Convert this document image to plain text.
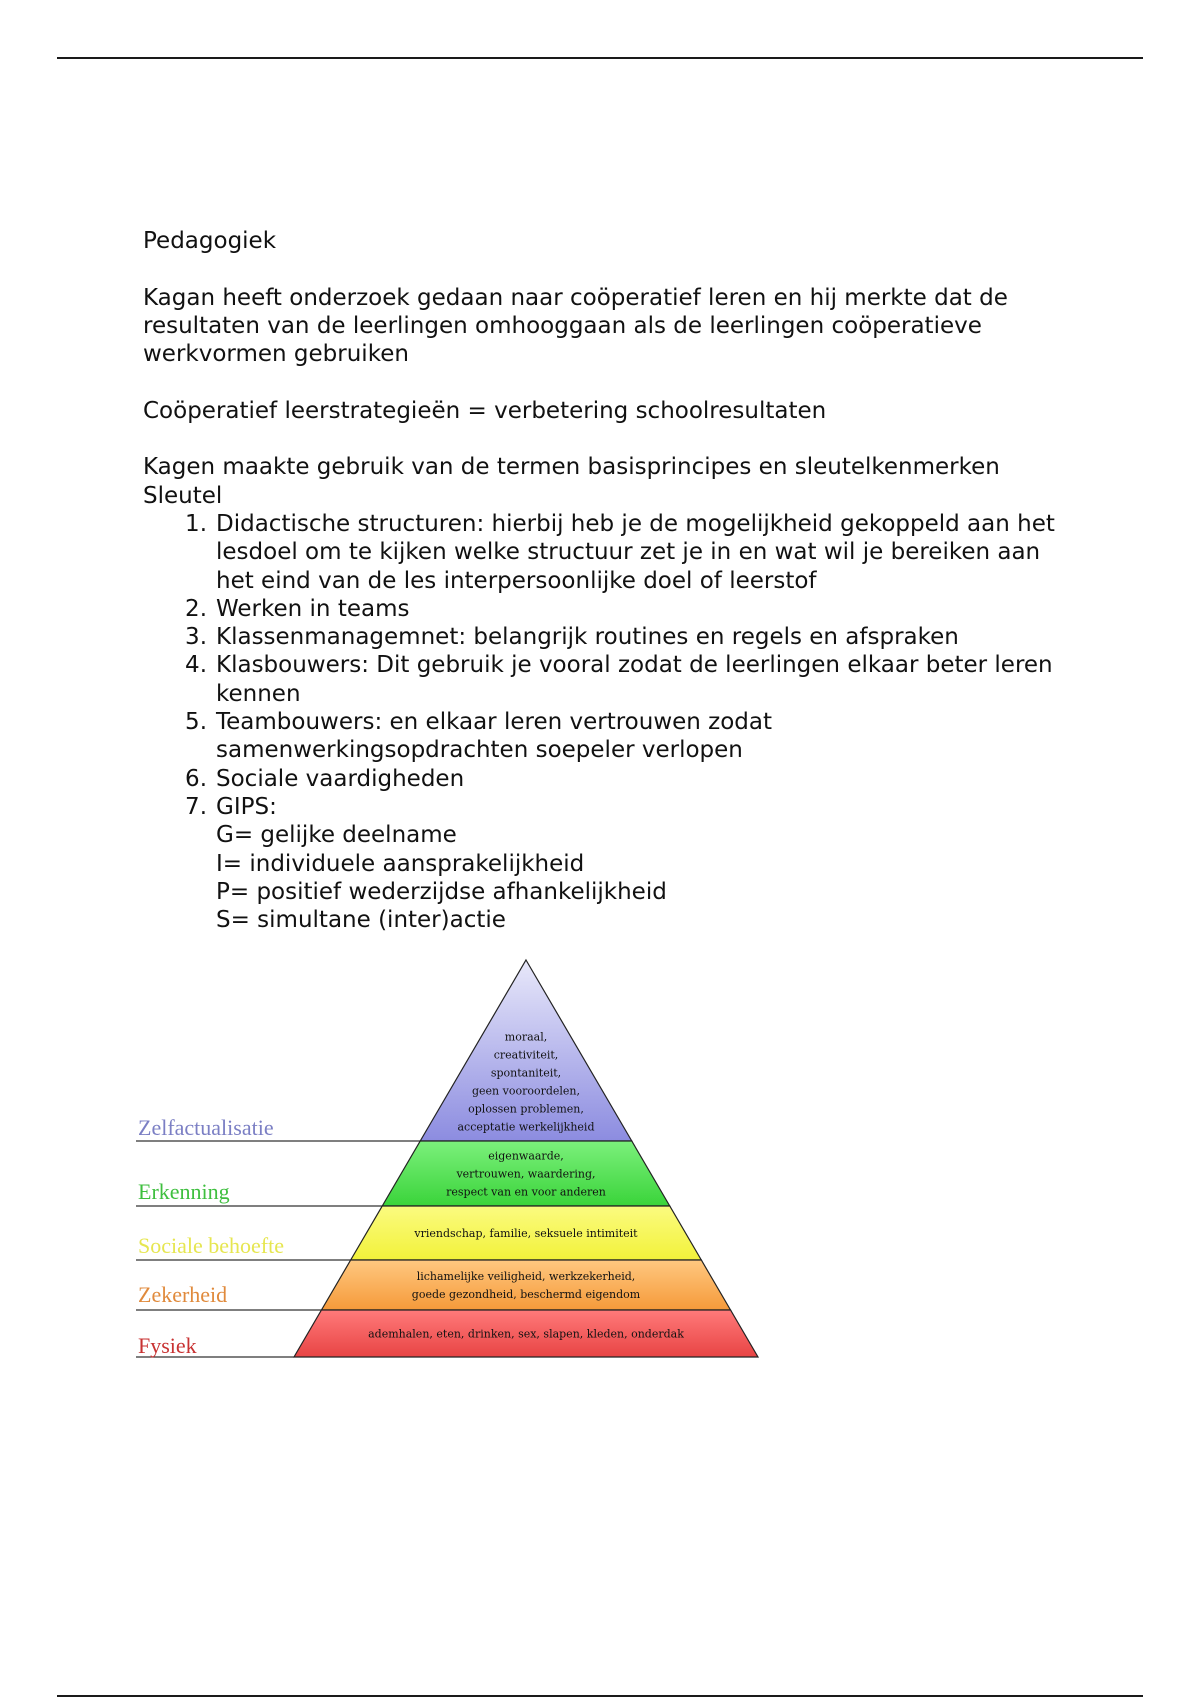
Pedagogiek

Kagan heeft onderzoek gedaan naar coöperatief leren en hij merkte dat de
resultaten van de leerlingen omhooggaan als de leerlingen coöperatieve
werkvormen gebruiken

Coöperatief leerstrategieën = verbetering schoolresultaten

Kagen maakte gebruik van de termen basisprincipes en sleutelkenmerken

Sleutel

Didactische structuren: hierbij heb je de mogelijkheid gekoppeld aan het lesdoel om te kijken welke structuur zet je in en wat wil je bereiken aan het eind van de les interpersoonlijke doel of leerstof
Werken in teams
Klassenmanagemnet: belangrijk routines en regels en afspraken
Klasbouwers: Dit gebruik je vooral zodat de leerlingen elkaar beter leren kennen
Teambouwers: en elkaar leren vertrouwen zodat samenwerkingsopdrachten soepeler verlopen
Sociale vaardigheden
GIPS:
G= gelijke deelname
I= individuele aansprakelijkheid
P= positief wederzijdse afhankelijkheid
S= simultane (inter)actie
Zelfactualisatie
moraal,
creativiteit,
spontaniteit,
geen vooroordelen,
oplossen problemen,
acceptatie werkelijkheid
Erkenning
eigenwaarde,
vertrouwen, waardering,
respect van en voor anderen
Sociale behoefte	vriendschap, familie, seksuele intimiteit
Zekerheid
lichamelijke veiligheid, werkzekerheid,
goede gezondheid, beschermd eigendom
Fysiek	ademhalen, eten, drinken, sex, slapen, kleden, onderdak
